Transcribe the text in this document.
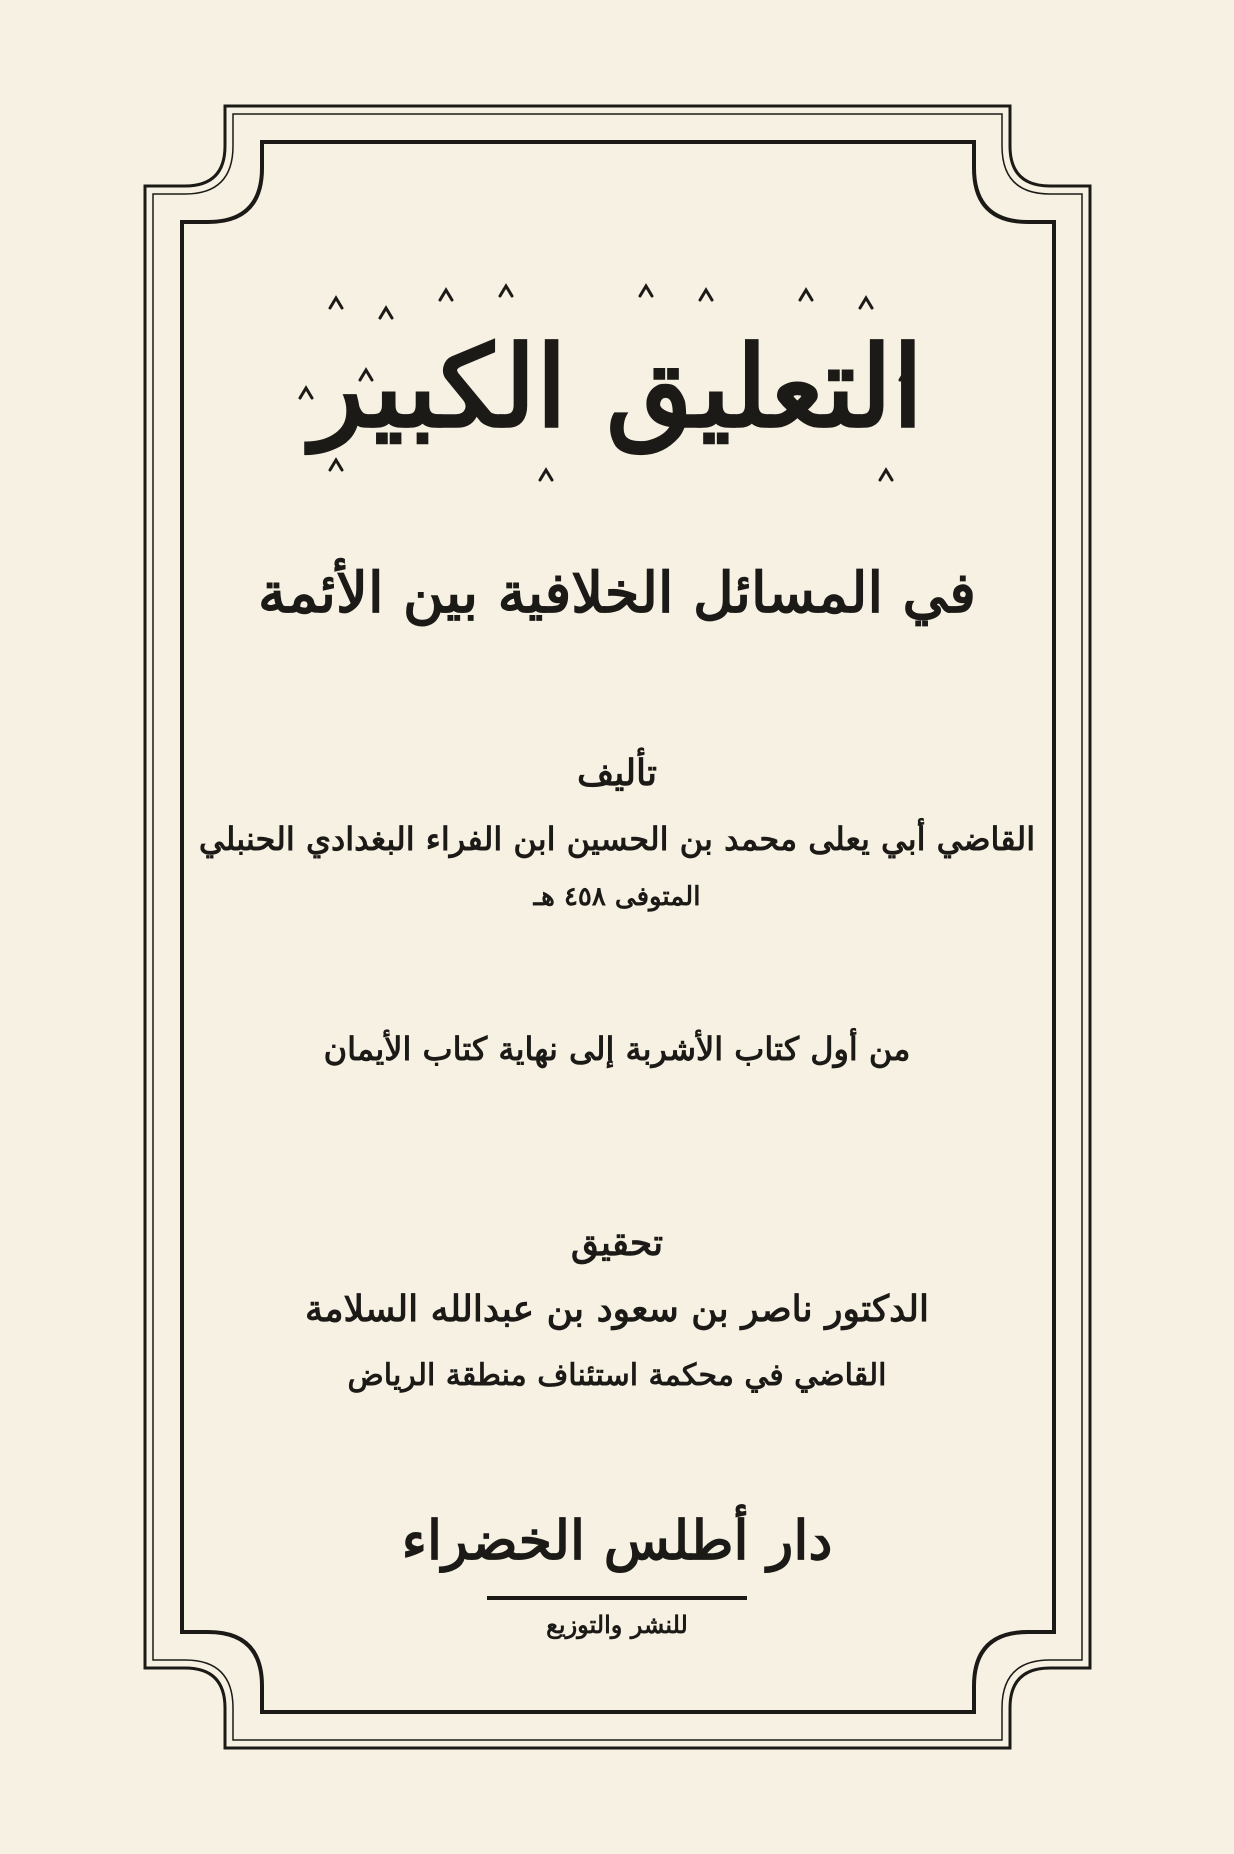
التعليق الكبير
في المسائل الخلافية بين الأئمة
تأليف
القاضي أبي يعلى محمد بن الحسين ابن الفراء البغدادي الحنبلي
المتوفى ٤٥٨ هـ
من أول كتاب الأشربة إلى نهاية كتاب الأيمان
تحقيق
الدكتور ناصر بن سعود بن عبدالله السلامة
القاضي في محكمة استئناف منطقة الرياض
دار أطلس الخضراء
للنشر والتوزيع
